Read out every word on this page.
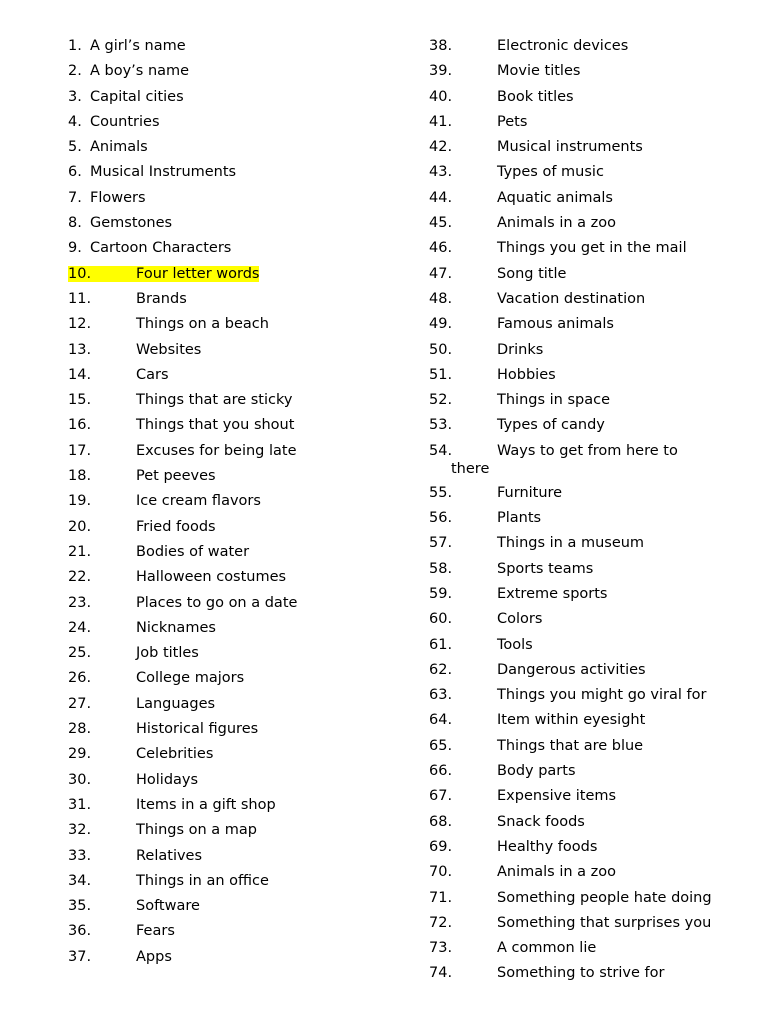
1. A girl’s name
2. A boy’s name
3. Capital cities
4. Countries
5. Animals
6. Musical Instruments
7. Flowers
8. Gemstones
9. Cartoon Characters
10.	Four letter words
11.	Brands
12.	Things on a beach
13.	Websites
14.	Cars
15.	Things that are sticky
16.	Things that you shout
17.	Excuses for being late
18.	Pet peeves
19.	Ice cream flavors
20.	Fried foods
21.	Bodies of water
22.	Halloween costumes
23.	Places to go on a date
24.	Nicknames
25.	Job titles
26.	College majors
27.	Languages
28.	Historical figures
29.	Celebrities
30.	Holidays
31.	Items in a gift shop
32.	Things on a map
33.	Relatives
34.	Things in an office
35.	Software
36.	Fears
37.	Apps
38.	Electronic devices
39.	Movie titles
40.	Book titles
41.	Pets
42.	Musical instruments
43.	Types of music
44.	Aquatic animals
45.	Animals in a zoo
46.	Things you get in the mail
47.	Song title
48.	Vacation destination
49.	Famous animals
50.	Drinks
51.	Hobbies
52.	Things in space
53.	Types of candy
54.	Ways to get from here to
there
55.	Furniture
56.	Plants
57.	Things in a museum
58.	Sports teams
59.	Extreme sports
60.	Colors
61.	Tools
62.	Dangerous activities
63.	Things you might go viral for
64.	Item within eyesight
65.	Things that are blue
66.	Body parts
67.	Expensive items
68.	Snack foods
69.	Healthy foods
70.	Animals in a zoo
71.	Something people hate doing
72.	Something that surprises you
73.	A common lie
74.	Something to strive for
